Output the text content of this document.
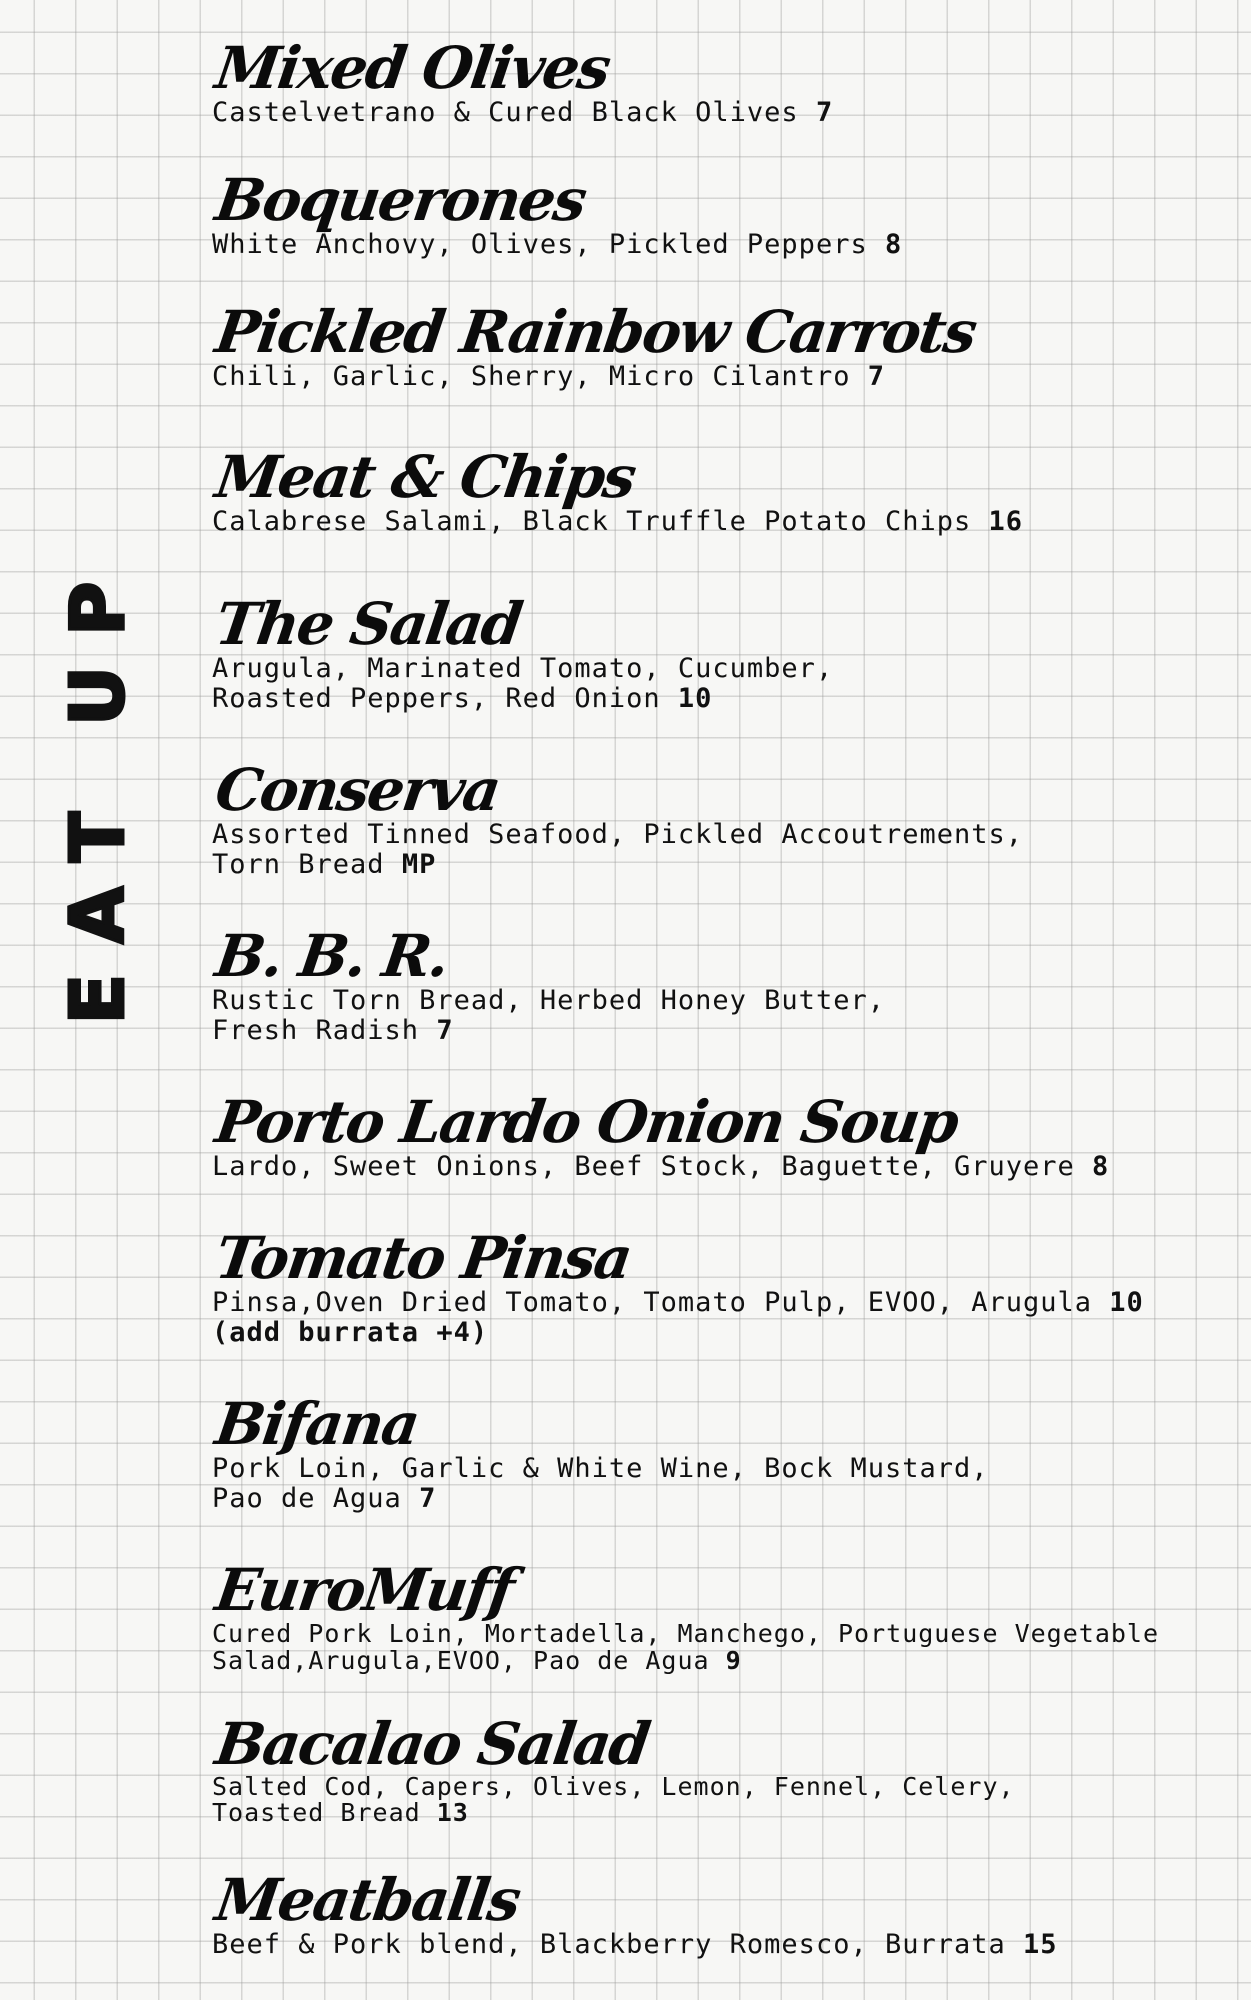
EAT UP
Mixed Olives
Castelvetrano & Cured Black Olives 7
Boquerones
White Anchovy, Olives, Pickled Peppers 8
Pickled Rainbow Carrots
Chili, Garlic, Sherry, Micro Cilantro 7
Meat & Chips
Calabrese Salami, Black Truffle Potato Chips 16
The Salad
Arugula, Marinated Tomato, Cucumber,
Roasted Peppers, Red Onion 10
Conserva
Assorted Tinned Seafood, Pickled Accoutrements,
Torn Bread MP
B. B. R.
Rustic Torn Bread, Herbed Honey Butter,
Fresh Radish 7
Porto Lardo Onion Soup
Lardo, Sweet Onions, Beef Stock, Baguette, Gruyere 8
Tomato Pinsa
Pinsa,Oven Dried Tomato, Tomato Pulp, EVOO, Arugula 10
(add burrata +4)
Bifana
Pork Loin, Garlic & White Wine, Bock Mustard,
Pao de Agua 7
EuroMuff
Cured Pork Loin, Mortadella, Manchego, Portuguese Vegetable
Salad,Arugula,EVOO, Pao de Agua 9
Bacalao Salad
Salted Cod, Capers, Olives, Lemon, Fennel, Celery,
Toasted Bread 13
Meatballs
Beef & Pork blend, Blackberry Romesco, Burrata 15
